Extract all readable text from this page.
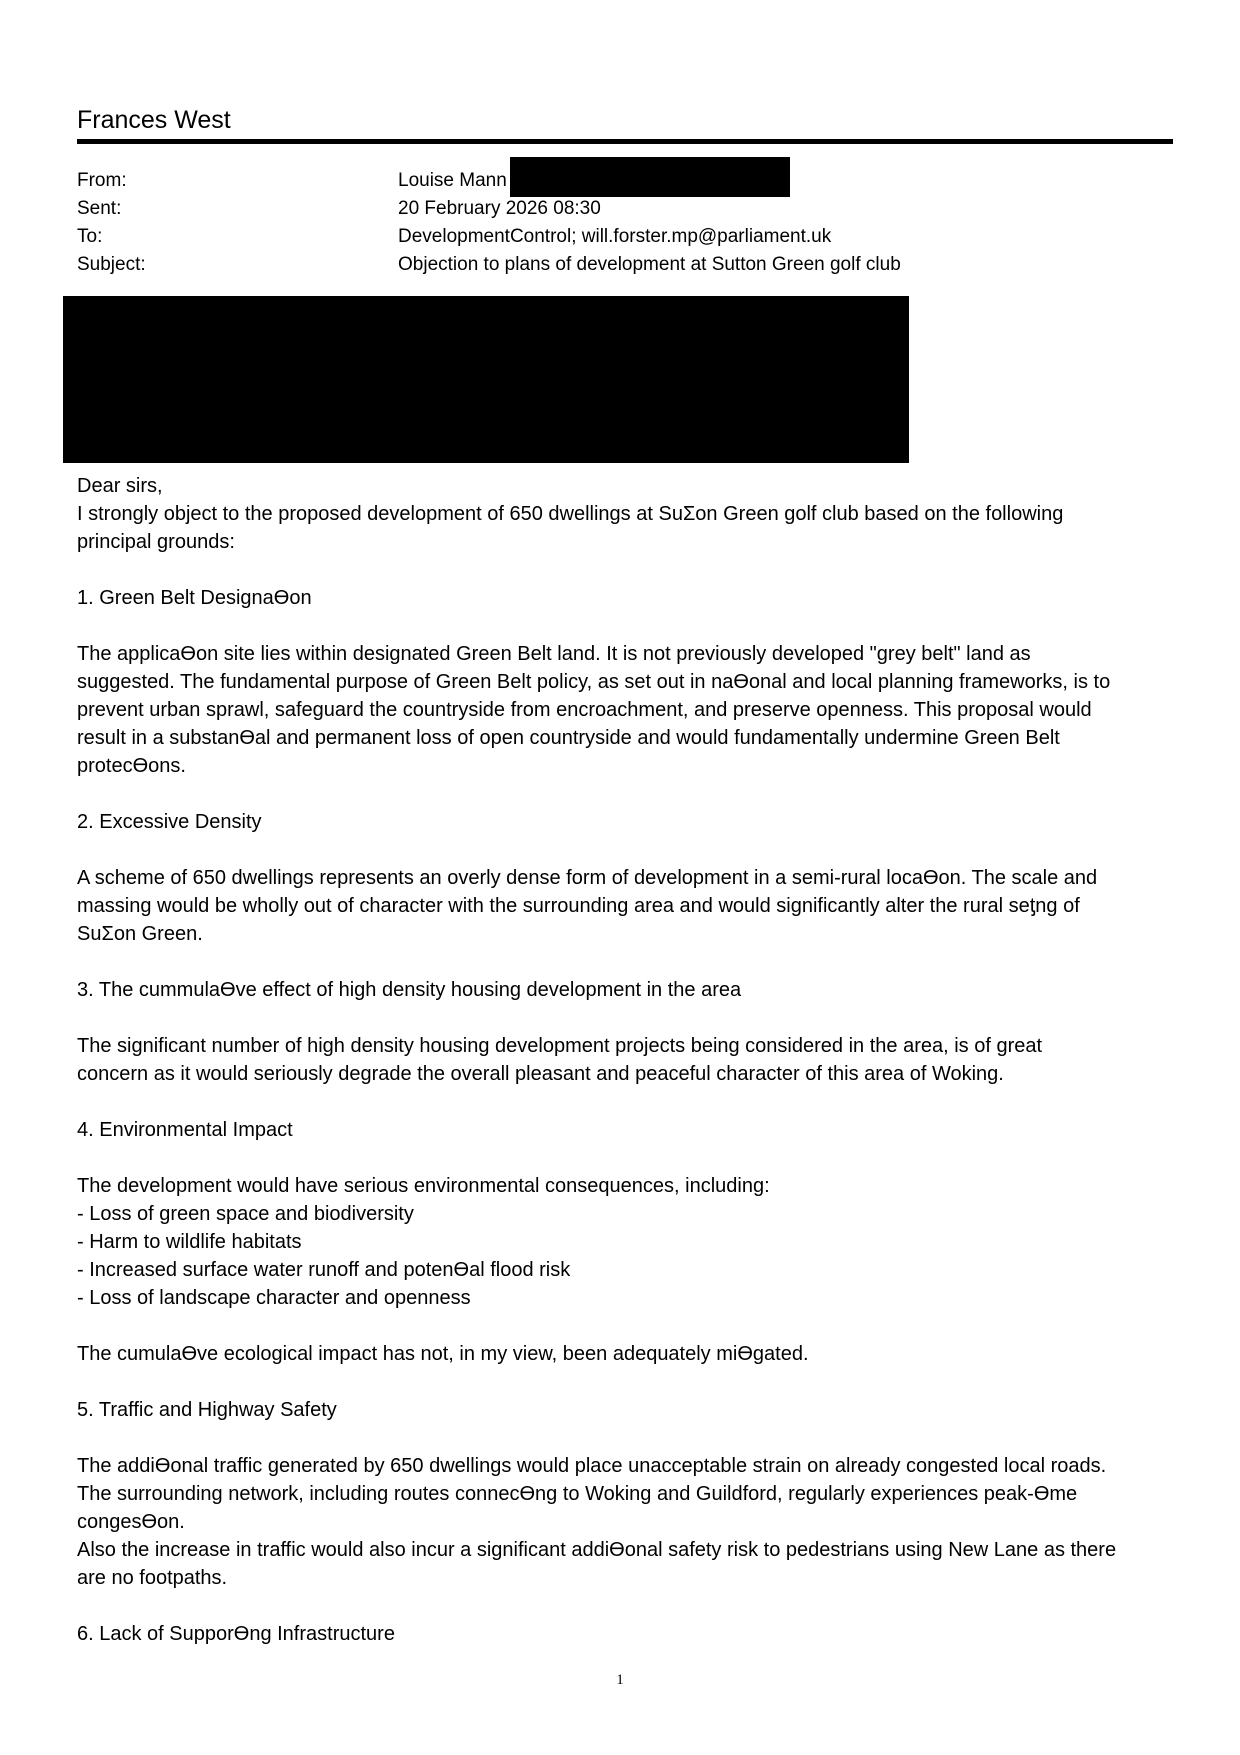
Frances West
From:	Louise Mann
Sent:	20 February 2026 08:30
To:	DevelopmentControl; will.forster.mp@parliament.uk
Subject:	Objection to plans of development at Sutton Green golf club

Dear sirs,

I strongly object to the proposed development of 650 dwellings at SuΣon Green golf club based on the following
principal grounds:

1. Green Belt DesignaƟon

The applicaƟon site lies within designated Green Belt land. It is not previously developed "grey belt" land as
suggested. The fundamental purpose of Green Belt policy, as set out in naƟonal and local planning frameworks, is to
prevent urban sprawl, safeguard the countryside from encroachment, and preserve openness. This proposal would
result in a substanƟal and permanent loss of open countryside and would fundamentally undermine Green Belt
protecƟons.

2. Excessive Density

A scheme of 650 dwellings represents an overly dense form of development in a semi-rural locaƟon. The scale and
massing would be wholly out of character with the surrounding area and would significantly alter the rural seƫng of
SuΣon Green.

3. The cummulaƟve effect of high density housing development in the area

The significant number of high density housing development projects being considered in the area, is of great
concern as it would seriously degrade the overall pleasant and peaceful character of this area of Woking.

4. Environmental Impact

The development would have serious environmental consequences, including:

- Loss of green space and biodiversity

- Harm to wildlife habitats

- Increased surface water runoff and potenƟal flood risk

- Loss of landscape character and openness

The cumulaƟve ecological impact has not, in my view, been adequately miƟgated.

5. Traffic and Highway Safety

The addiƟonal traffic generated by 650 dwellings would place unacceptable strain on already congested local roads.
The surrounding network, including routes connecƟng to Woking and Guildford, regularly experiences peak-Ɵme
congesƟon.
Also the increase in traffic would also incur a significant addiƟonal safety risk to pedestrians using New Lane as there
are no footpaths.

6. Lack of SupporƟng Infrastructure

1
